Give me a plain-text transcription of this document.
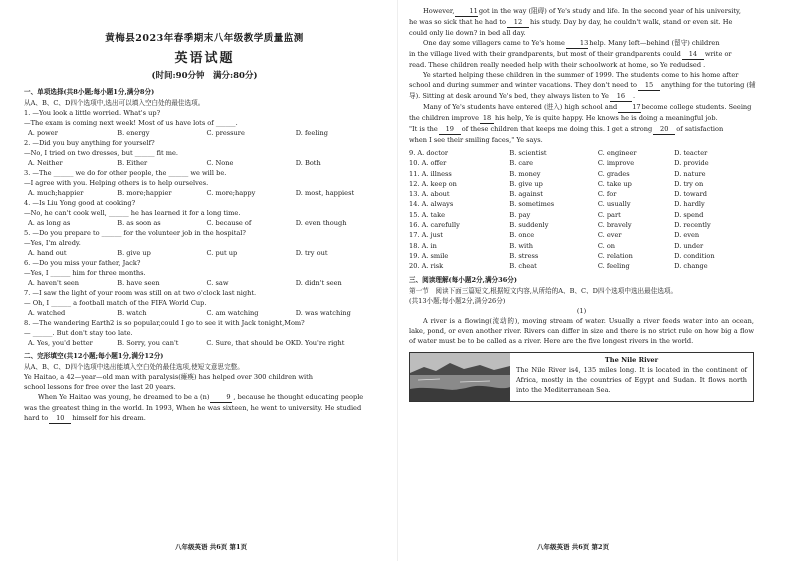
黄梅县2023年春季期末八年级教学质量监测
英语试题
(时间:90分钟　满分:80分)
一、单项选择(共8小题;每小题1分,满分8分)
从A、B、C、D四个选项中,选出可以填入空白处的最佳选项。
1. —You look a little worried. What's up?
—The exam is coming next week! Most of us have lots of ______.
A. power	B. energy	C. pressure	D. feeling
2. —Did you buy anything for yourself?
—No, I tried on two dresses, but ______ fit me.
A. Neither	B. Either	C. None	D. Both
3. —The ______ we do for other people, the ______ we will be.
—I agree with you. Helping others is to help ourselves.
A. much;happier	B. more;happier	C. more;happy	D. most, happiest
4. —Is Liu Yong good at cooking?
—No, he can't cook well, ______ he has learned it for a long time.
A. as long as	B. as soon as	C. because of	D. even though
5. —Do you prepare to ______ for the volunteer job in the hospital?
—Yes, I'm alredy.
A. hand out	B. give up	C. put up	D. try out
6. —Do you miss your father, Jack?
—Yes, I ______ him for three months.
A. haven't seen	B. have seen	C. saw	D. didn't seen
7. —I saw the light of your room was still on at two o'clock last night.
— Oh, I ______ a football match of the FIFA World Cup.
A. watched	B. watch	C. am watching	D. was watching
8. —The wandering Earth2 is so popular,could I go to see it with Jack tonight,Mom?
— ______. But don't stay too late.
A. Yes, you'd better	B. Sorry, you can't	C. Sure, that should be OK D. You're right
二、完形填空(共12小题;每小题1分,满分12分)
从A、B、C、D四个选项中选出能填入空白处的最佳选项,使短文意思完整。
Ye Haitao, a 42—year—old man with paralysis(瘫痪) has helped over 300 children with
school lessons for free over the last 20 years.
When Ye Haitao was young, he dreamed to be a (n)	9 , because he thought educating people
was the greatest thing in the world. In 1993, When he was sixteen, he went to university. He studied
hard to 10 himself for his dream.
八年级英语 共6页 第1页
However, 11got in the way (阻碍) of Ye's study and life. In the second year of his university,
he was so sick that he had to 12 his study. Day by day, he couldn't walk, stand or even sit. He
could only lie down? in bed all day.
One day some villagers came to Ye's home 13help. Many left—behind (留守) children
in the village lived with their grandparents, but most of their grandparents could 14 write or
read. These children really needed help with their schoolwork at home, so Ye redudsed .
Ye started helping these children in the summer of 1999. The students come to his home after
school and during summer and winter vacations. They don't need to 15 anything for the tutoring (辅
导). Sitting at desk around Ye's bed, they always listen to Ye 16 .
Many of Ye's students have entered (进入) high school and 17become college students. Seeing
the children improve 18 his help, Ye is quite happy. He knows he is doing a meaningful job.
"It is the 19 of these children that keeps me doing this. I get a strong 20 of satisfaction
when I see their smiling faces," Ye says.
9. A. doctor	B. scientist	C. engineer	D. teacter
10. A. offer	B. care	C. improve	D. provide
11. A. illness	B. money	C. grades	D. nature
12. A. keep on	B. give up	C. take up	D. try on
13. A. about	B. against	C. for	D. toward
14. A. always	B. sometimes	C. usually	D. hardly
15. A. take	B. pay	C. part	D. spend
16. A. carefully	B. suddenly	C. bravely	D. recently
17. A. just	B. once	C. ever	D. even
18. A. in	B. with	C. on	D. under
19. A. smile	B. stress	C. relation	D. condition
20. A. risk	B. cheat	C. feeling	D. change
三、阅读理解(每小题2分,满分36分)
第一节　阅读下面三篇短文,根据短文内容,从所给的A、B、C、D四个选项中选出最佳选项。
(共13小题;每小题2分,满分26分)
(1)
A river is a flowing(流动的), moving stream of water. Usually a river feeds water into an ocean, lake, pond, or even another river. Rivers can differ in size and there is no strict rule on how big a flow of water must be to be called as a river. Here are the five longest rivers in the world.
The Nile River
The Nile River is4, 135 miles long. It is located in the continent of Africa, mostly in the countries of Egypt and Sudan. It flows north into the Mediterranean Sea.
八年级英语 共6页 第2页
